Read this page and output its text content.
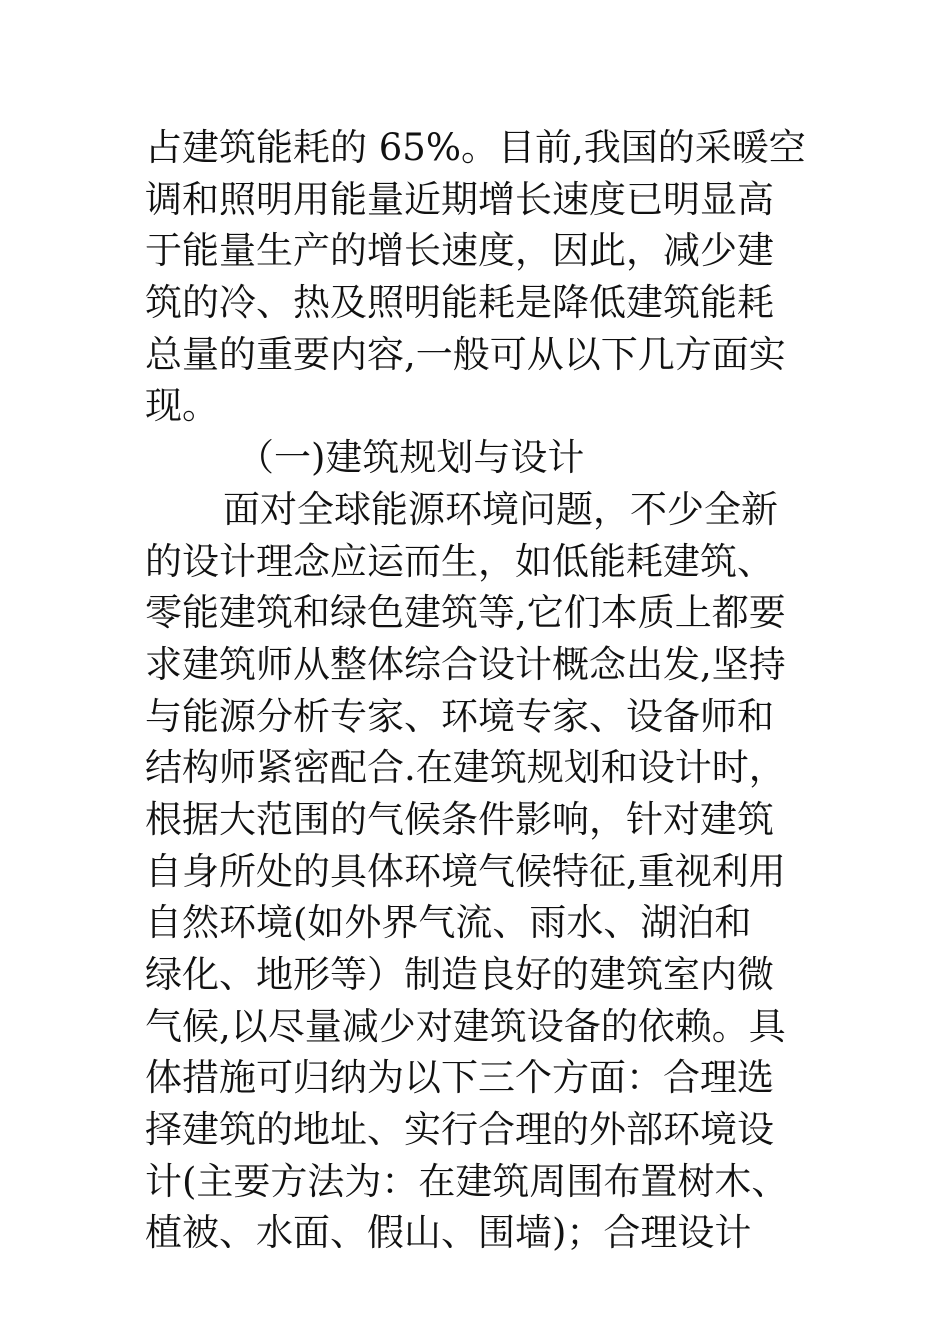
占建筑能耗的 65%。目前,我国的采暖空
调和照明用能量近期增长速度已明显高
于能量生产的增长速度，因此，减少建
筑的冷、热及照明能耗是降低建筑能耗
总量的重要内容,一般可从以下几方面实
现。
（一)建筑规划与设计
面对全球能源环境问题，不少全新
的设计理念应运而生，如低能耗建筑、
零能建筑和绿色建筑等,它们本质上都要
求建筑师从整体综合设计概念出发,坚持
与能源分析专家、环境专家、设备师和
结构师紧密配合.在建筑规划和设计时，
根据大范围的气候条件影响，针对建筑
自身所处的具体环境气候特征,重视利用
自然环境(如外界气流、雨水、湖泊和
绿化、地形等）制造良好的建筑室内微
气候,以尽量减少对建筑设备的依赖。具
体措施可归纳为以下三个方面：合理选
择建筑的地址、实行合理的外部环境设
计(主要方法为：在建筑周围布置树木、
植被、水面、假山、围墙)；合理设计
